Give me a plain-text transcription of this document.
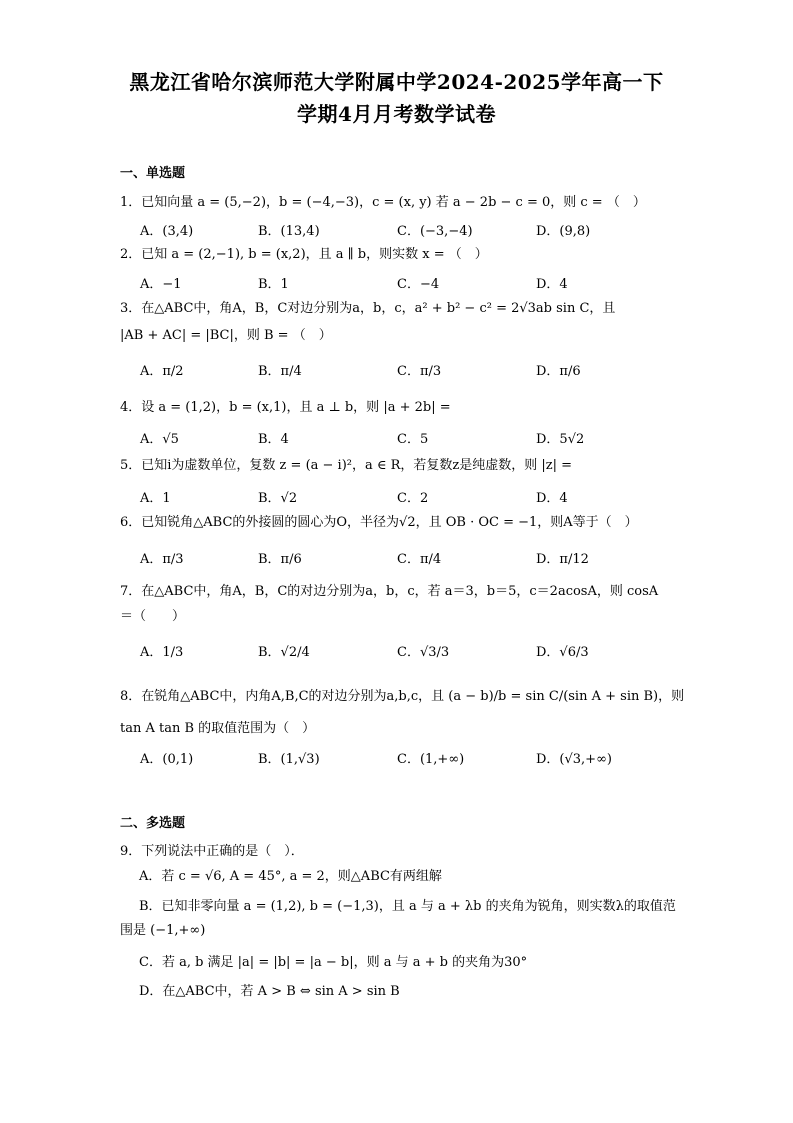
黑龙江省哈尔滨师范大学附属中学2024-2025学年高一下
学期4月月考数学试卷
一、单选题
1．已知向量 a = (5,−2)，b = (−4,−3)，c = (x, y) 若 a − 2b − c = 0，则 c = （　）
A．(3,4)	B．(13,4)	C．(−3,−4)	D．(9,8)
2．已知 a = (2,−1), b = (x,2)，且 a ∥ b，则实数 x = （　）
A．−1	B．1	C．−4	D．4
3．在△ABC中，角A，B，C对边分别为a，b，c，a² + b² − c² = 2√3ab sin C，且
|AB + AC| = |BC|，则 B = （　）
A．π/2	B．π/4	C．π/3	D．π/6
4．设 a = (1,2)，b = (x,1)，且 a ⊥ b，则 |a + 2b| =
A．√5	B．4	C．5	D．5√2
5．已知i为虚数单位，复数 z = (a − i)²，a ∈ R，若复数z是纯虚数，则 |z| =
A．1	B．√2	C．2	D．4
6．已知锐角△ABC的外接圆的圆心为O，半径为√2，且 OB · OC = −1，则A等于（　）
A．π/3	B．π/6	C．π/4	D．π/12
7．在△ABC中，角A，B，C的对边分别为a，b，c，若 a＝3，b＝5，c＝2acosA，则 cosA
＝（　　）
A．1/3	B．√2/4	C．√3/3	D．√6/3
8．在锐角△ABC中，内角A,B,C的对边分别为a,b,c，且 (a − b)/b = sin C/(sin A + sin B)，则
tan A tan B 的取值范围为（　）
A．(0,1)	B．(1,√3)	C．(1,+∞)	D．(√3,+∞)
二、多选题
9．下列说法中正确的是（　）．
A．若 c = √6, A = 45°, a = 2，则△ABC有两组解
B．已知非零向量 a = (1,2), b = (−1,3)，且 a 与 a + λb 的夹角为锐角，则实数λ的取值范
围是 (−1,+∞)
C．若 a, b 满足 |a| = |b| = |a − b|，则 a 与 a + b 的夹角为30°
D．在△ABC中，若 A > B ⇔ sin A > sin B
